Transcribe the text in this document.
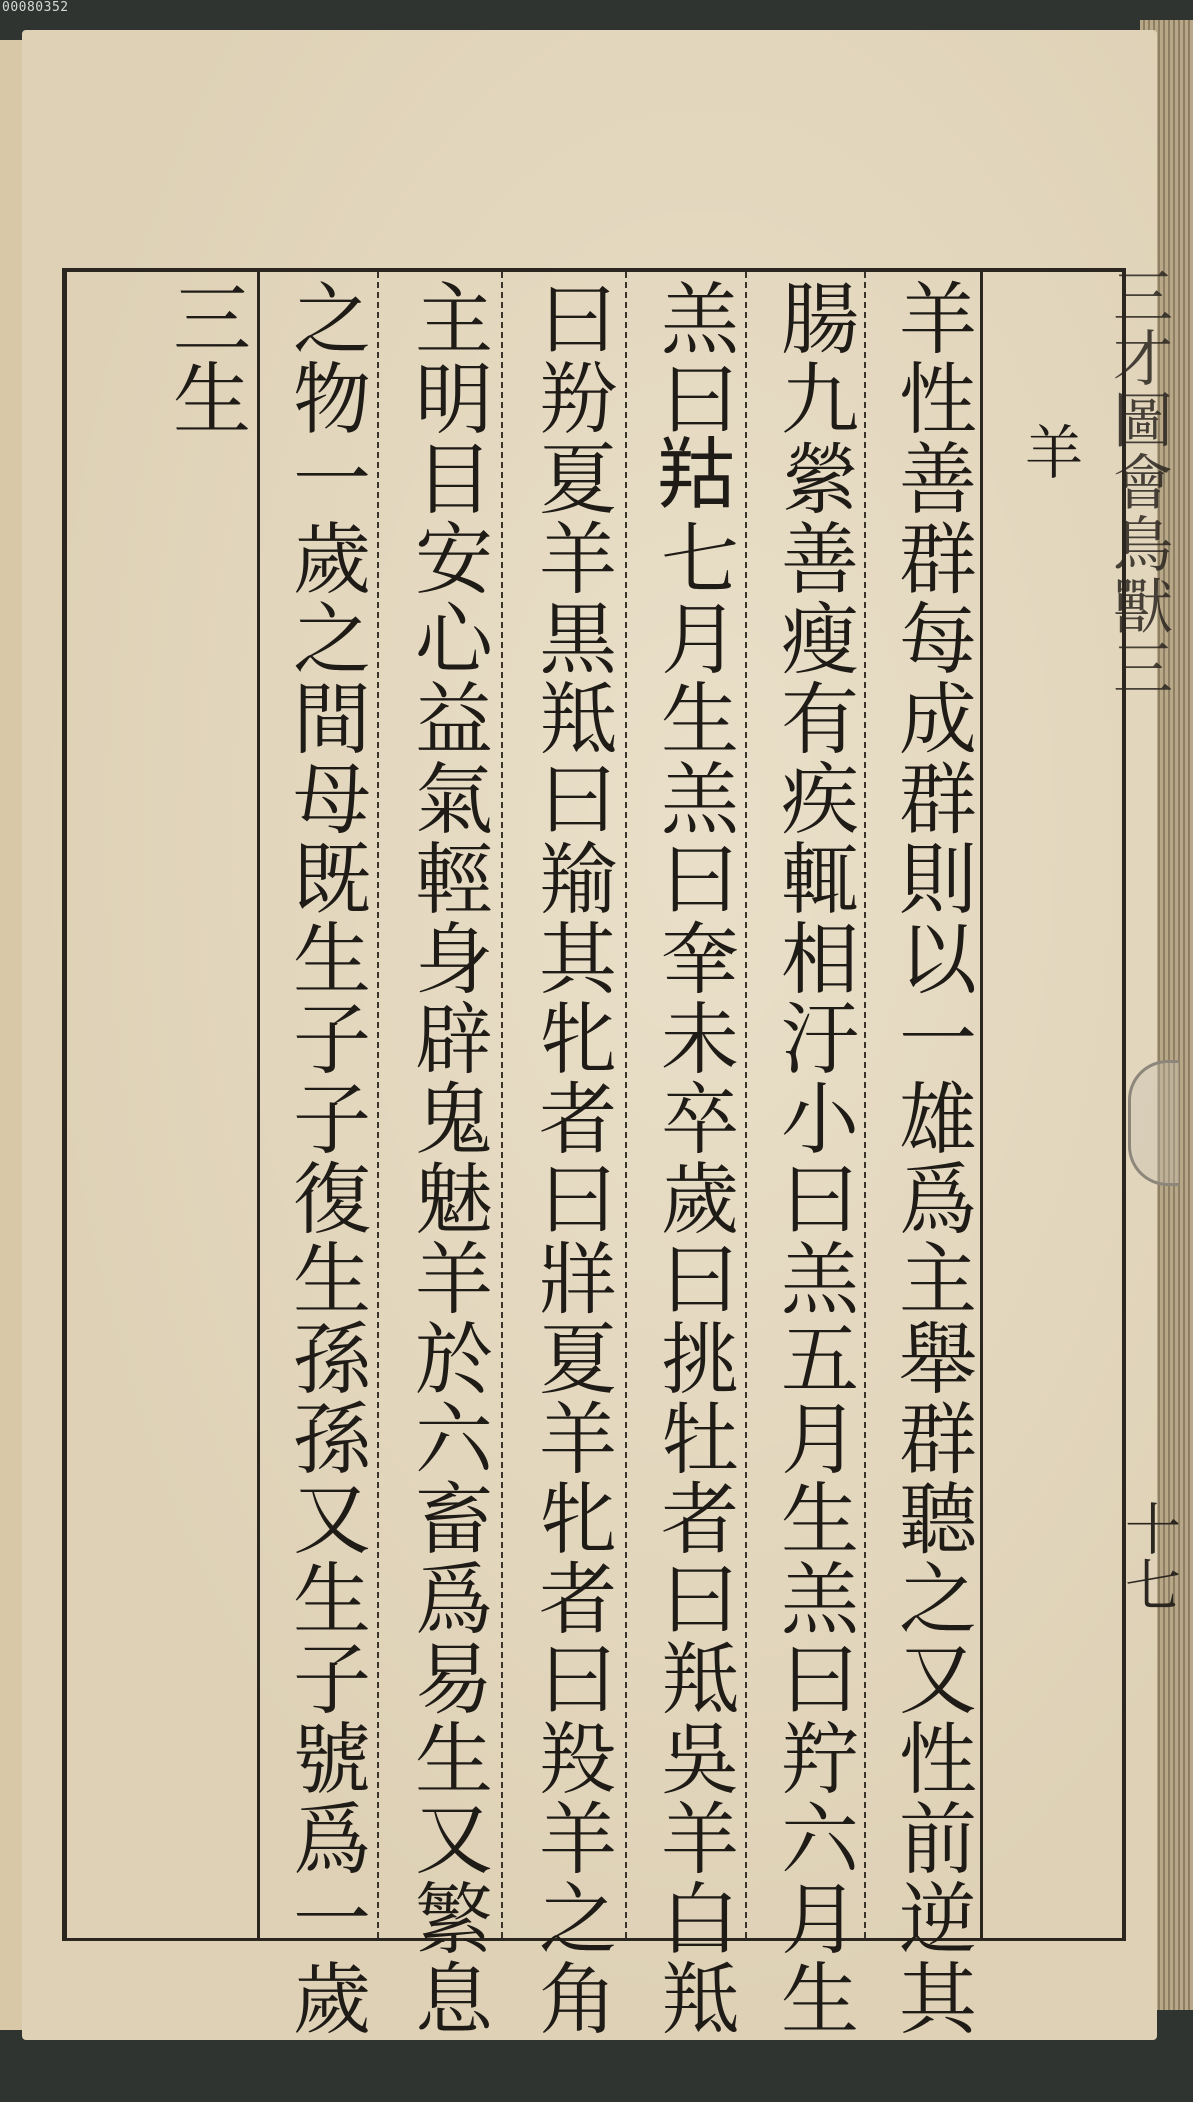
00080352
三才圖會鳥獸三
十七
羊
羊性善群每成群則以一雄爲主舉群聽之又性前逆其
腸九縈善瘦有疾輒相汙小曰羔五月生羔曰羜六月生
羔曰𦍩七月生羔曰羍未卒歲曰挑牡者曰羝吳羊白羝
曰羒夏羊黒羝曰羭其牝者曰牂夏羊牝者曰羖羊之角
主明目安心益氣輕身辟鬼魅羊於六畜爲易生又繁息
之物一歲之間母既生子子復生孫孫又生子號爲一歲
三生
